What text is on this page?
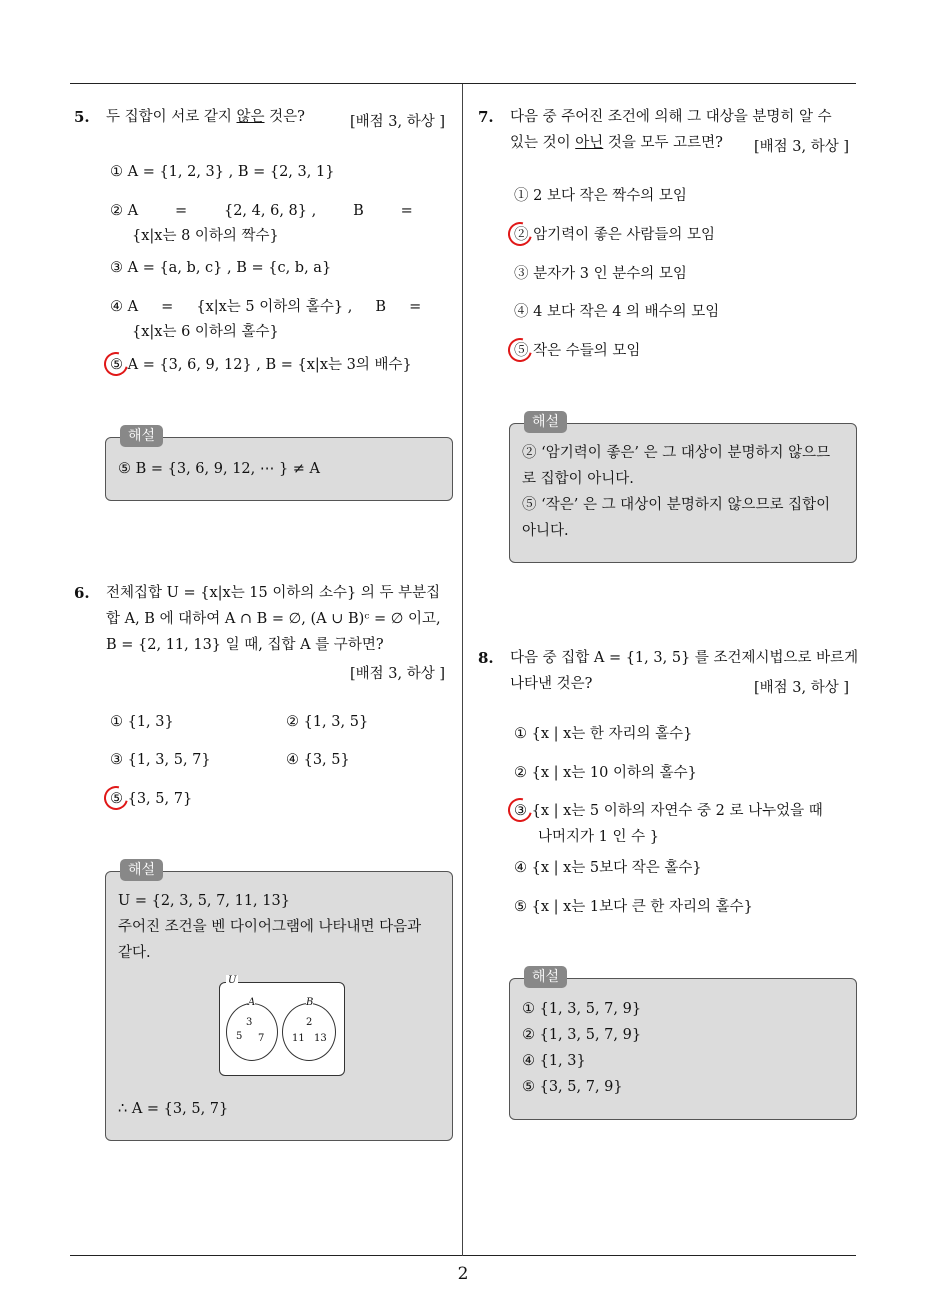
5. 두 집합이 서로 같지 않은 것은?	[배점 3, 하상 ]
① A = {1, 2, 3} , B = {2, 3, 1}
② A        =        {2, 4, 6, 8} ,        B        =
{x|x는 8 이하의 짝수}
③ A = {a, b, c} , B = {c, b, a}
④ A     =     {x|x는 5 이하의 홀수} ,     B     =
{x|x는 6 이하의 홀수}
⑤ A = {3, 6, 9, 12} , B = {x|x는 3의 배수}
해설
⑤ B = {3, 6, 9, 12, ⋯ } ≠ A
6. 전체집합 U = {x|x는 15 이하의 소수} 의 두 부분집
합 A, B 에 대하여 A ∩ B = ∅, (A ∪ B)ᶜ = ∅ 이고,
B = {2, 11, 13} 일 때, 집합 A 를 구하면?
[배점 3, 하상 ]
① {1, 3}	② {1, 3, 5}
③ {1, 3, 5, 7}	④ {3, 5}
⑤ {3, 5, 7}
해설
U = {2, 3, 5, 7, 11, 13}
주어진 조건을 벤 다이어그램에 나타내면 다음과
같다.
U
A	B
3
5 7
2
11 13
∴ A = {3, 5, 7}
7. 다음 중 주어진 조건에 의해 그 대상을 분명히 알 수
있는 것이 아닌 것을 모두 고르면? [배점 3, 하상 ]
① 2 보다 작은 짝수의 모임
② 암기력이 좋은 사람들의 모임
③ 분자가 3 인 분수의 모임
④ 4 보다 작은 4 의 배수의 모임
⑤ 작은 수들의 모임
해설
② ‘암기력이 좋은’ 은 그 대상이 분명하지 않으므
로 집합이 아니다.
⑤ ‘작은’ 은 그 대상이 분명하지 않으므로 집합이
아니다.
8. 다음 중 집합 A = {1, 3, 5} 를 조건제시법으로 바르게
나타낸 것은?	[배점 3, 하상 ]
① {x | x는 한 자리의 홀수}
② {x | x는 10 이하의 홀수}
③ {x | x는 5 이하의 자연수 중 2 로 나누었을 때
나머지가 1 인 수 }
④ {x | x는 5보다 작은 홀수}
⑤ {x | x는 1보다 큰 한 자리의 홀수}
해설
① {1, 3, 5, 7, 9}
② {1, 3, 5, 7, 9}
④ {1, 3}
⑤ {3, 5, 7, 9}
2
